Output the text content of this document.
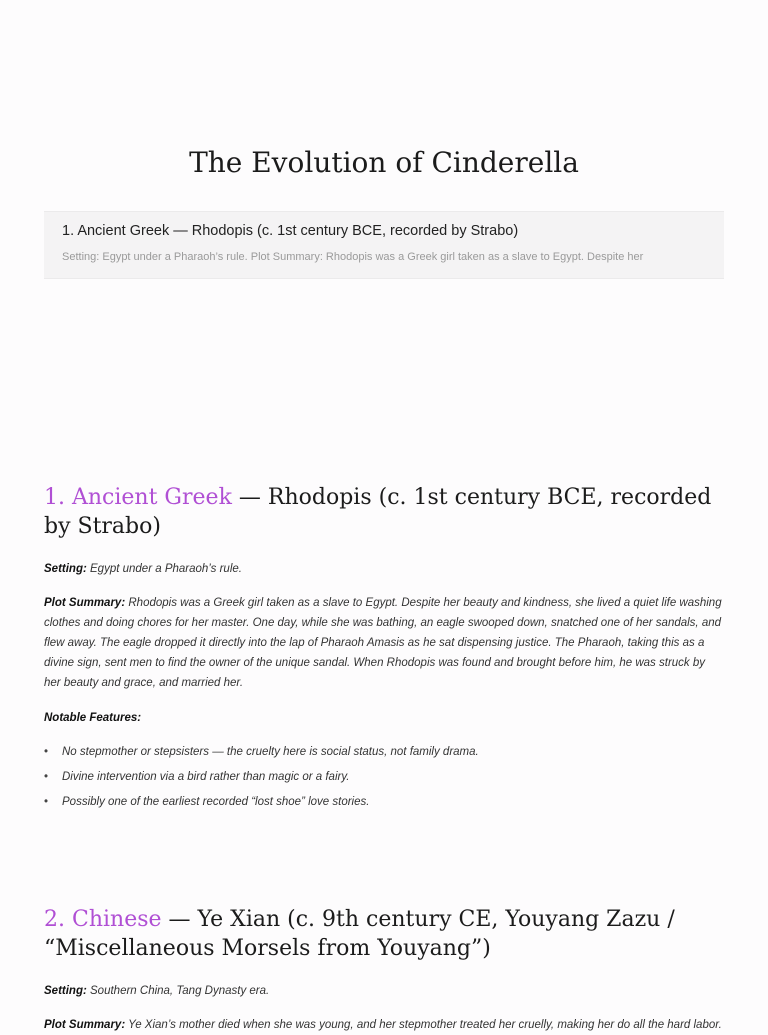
The Evolution of Cinderella
1. Ancient Greek — Rhodopis (c. 1st century BCE, recorded by Strabo)
Setting: Egypt under a Pharaoh’s rule. Plot Summary: Rhodopis was a Greek girl taken as a slave to Egypt. Despite her
1. Ancient Greek — Rhodopis (c. 1st century BCE, recorded by Strabo)

Setting: Egypt under a Pharaoh’s rule.

Plot Summary: Rhodopis was a Greek girl taken as a slave to Egypt. Despite her beauty and kindness, she lived a quiet life washing clothes and doing chores for her master. One day, while she was bathing, an eagle swooped down, snatched one of her sandals, and flew away. The eagle dropped it directly into the lap of Pharaoh Amasis as he sat dispensing justice. The Pharaoh, taking this as a divine sign, sent men to find the owner of the unique sandal. When Rhodopis was found and brought before him, he was struck by her beauty and grace, and married her.

Notable Features:

• No stepmother or stepsisters — the cruelty here is social status, not family drama.
• Divine intervention via a bird rather than magic or a fairy.
• Possibly one of the earliest recorded “lost shoe” love stories.
2. Chinese — Ye Xian (c. 9th century CE, Youyang Zazu / “Miscellaneous Morsels from Youyang”)

Setting: Southern China, Tang Dynasty era.

Plot Summary: Ye Xian’s mother died when she was young, and her stepmother treated her cruelly, making her do all the hard labor.
